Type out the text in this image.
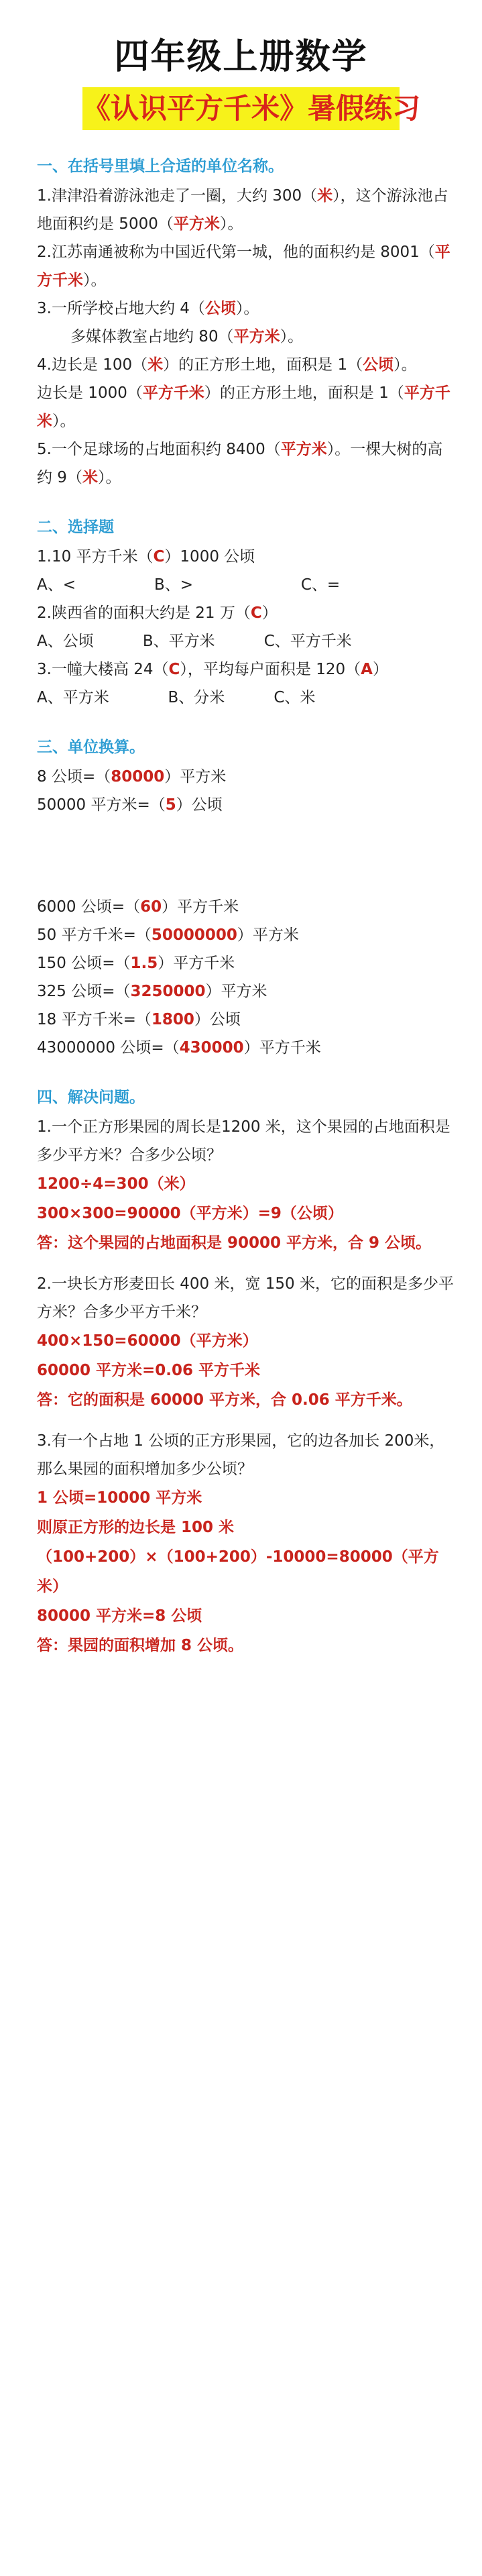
四年级上册数学
《认识平方千米》暑假练习
一、在括号里填上合适的单位名称。
1.津津沿着游泳池走了一圈，大约 300（米），这个游泳池占地面积约是 5000（平方米）。
2.江苏南通被称为中国近代第一城，他的面积约是 8001（平方千米）。
3.一所学校占地大约 4（公顷）。
多媒体教室占地约 80（平方米）。
4.边长是 100（米）的正方形土地，面积是 1（公顷）。
边长是 1000（平方千米）的正方形土地，面积是 1（平方千米）。
5.一个足球场的占地面积约 8400（平方米）。一棵大树的高约 9（米）。
二、选择题
1.10 平方千米（C）1000 公顷
A、<                B、>                      C、=
2.陕西省的面积大约是 21 万（C）
A、公顷          B、平方米          C、平方千米
3.一幢大楼高 24（C），平均每户面积是 120（A）
A、平方米            B、分米          C、米
三、单位换算。
8 公顷=（80000）平方米
50000 平方米=（5）公顷
6000 公顷=（60）平方千米
50 平方千米=（50000000）平方米
150 公顷=（1.5）平方千米
325 公顷=（3250000）平方米
18 平方千米=（1800）公顷
43000000 公顷=（430000）平方千米
四、解决问题。
1.一个正方形果园的周长是1200 米，这个果园的占地面积是多少平方米？合多少公顷？
1200÷4=300（米）
300×300=90000（平方米）=9（公顷）
答：这个果园的占地面积是 90000 平方米，合 9 公顷。
2.一块长方形麦田长 400 米，宽 150 米，它的面积是多少平方米？合多少平方千米？
400×150=60000（平方米）
60000 平方米=0.06 平方千米
答：它的面积是 60000 平方米，合 0.06 平方千米。
3.有一个占地 1 公顷的正方形果园，它的边各加长 200米，那么果园的面积增加多少公顷？
1 公顷=10000 平方米
则原正方形的边长是 100 米
（100+200）×（100+200）-10000=80000（平方米）
80000 平方米=8 公顷
答：果园的面积增加 8 公顷。
